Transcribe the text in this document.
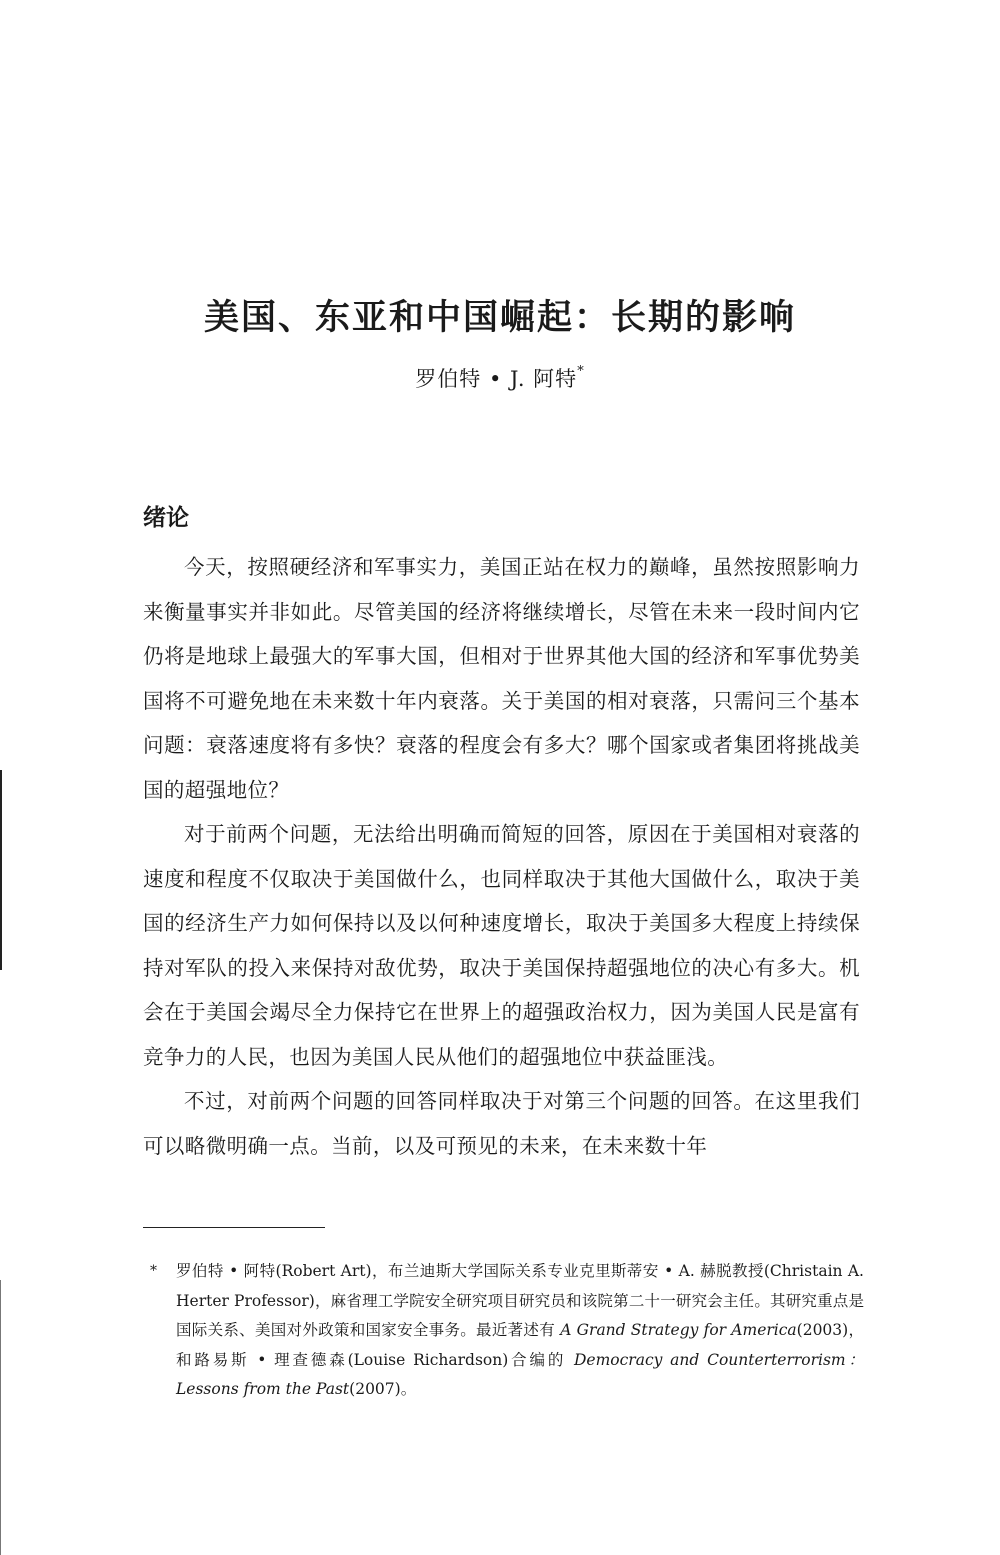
美国、东亚和中国崛起：长期的影响
罗伯特 • J. 阿特*
绪论

今天，按照硬经济和军事实力，美国正站在权力的巅峰，虽然按照影响力来衡量事实并非如此。尽管美国的经济将继续增长，尽管在未来一段时间内它仍将是地球上最强大的军事大国，但相对于世界其他大国的经济和军事优势美国将不可避免地在未来数十年内衰落。关于美国的相对衰落，只需问三个基本问题：衰落速度将有多快？衰落的程度会有多大？哪个国家或者集团将挑战美国的超强地位？

对于前两个问题，无法给出明确而简短的回答，原因在于美国相对衰落的速度和程度不仅取决于美国做什么，也同样取决于其他大国做什么，取决于美国的经济生产力如何保持以及以何种速度增长，取决于美国多大程度上持续保持对军队的投入来保持对敌优势，取决于美国保持超强地位的决心有多大。机会在于美国会竭尽全力保持它在世界上的超强政治权力，因为美国人民是富有竞争力的人民，也因为美国人民从他们的超强地位中获益匪浅。

不过，对前两个问题的回答同样取决于对第三个问题的回答。在这里我们可以略微明确一点。当前，以及可预见的未来，在未来数十年

* 罗伯特 • 阿特(Robert Art)，布兰迪斯大学国际关系专业克里斯蒂安 • A. 赫脱教授(Christain A. Herter Professor)，麻省理工学院安全研究项目研究员和该院第二十一研究会主任。其研究重点是国际关系、美国对外政策和国家安全事务。最近著述有 A Grand Strategy for America(2003)，和路易斯 • 理查德森(Louise Richardson)合编的 Democracy and Counterterrorism：Lessons from the Past(2007)。
